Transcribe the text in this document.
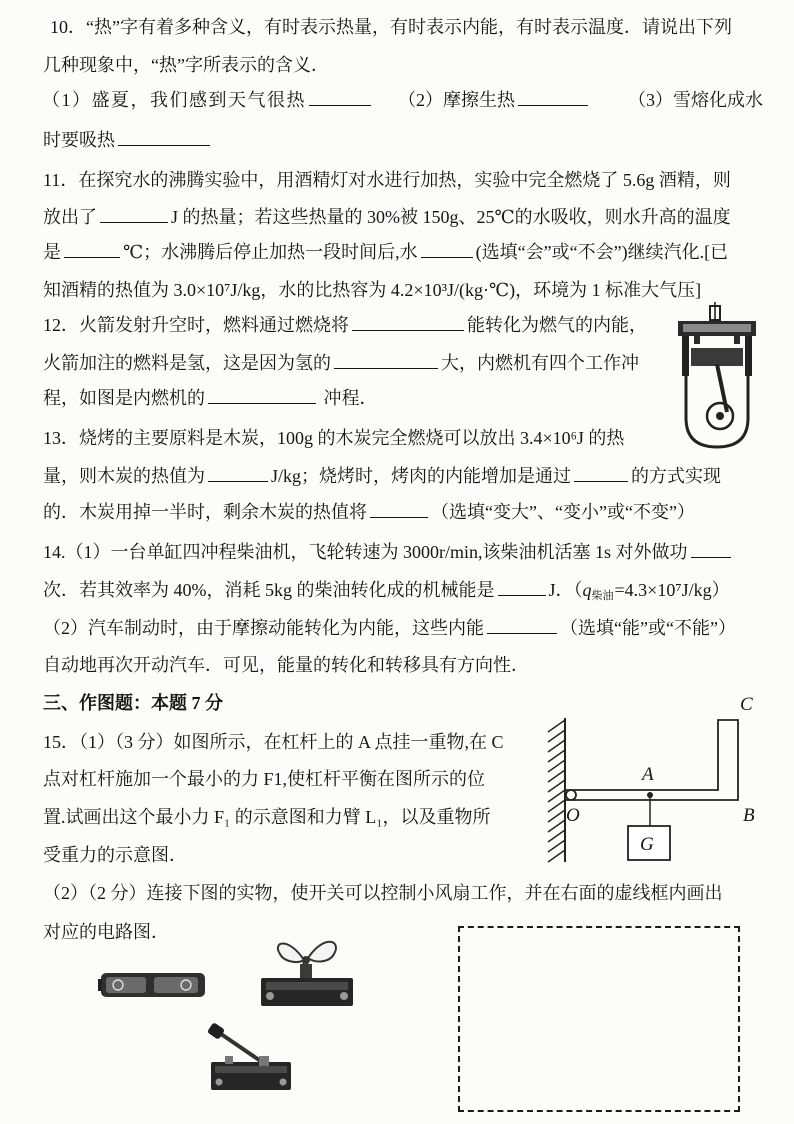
10．“热”字有着多种含义，有时表示热量，有时表示内能，有时表示温度．请说出下列
几种现象中，“热”字所表示的含义．
（1）盛夏，我们感到天气很热	（2）摩擦生热	（3）雪熔化成水
时要吸热
11．在探究水的沸腾实验中，用酒精灯对水进行加热，实验中完全燃烧了 5.6g 酒精，则
放出了	J 的热量；若这些热量的 30%被 150g、25℃的水吸收，则水升高的温度
是	℃；水沸腾后停止加热一段时间后,水	(选填“会”或“不会”)继续汽化.[已
知酒精的热值为 3.0×10⁷J/kg，水的比热容为 4.2×10³J/(kg·℃)，环境为 1 标准大气压]
12．火箭发射升空时，燃料通过燃烧将	能转化为燃气的内能，
火箭加注的燃料是氢，这是因为氢的	大，内燃机有四个工作冲
程，如图是内燃机的	冲程．
13．烧烤的主要原料是木炭，100g 的木炭完全燃烧可以放出 3.4×10⁶J 的热
量，则木炭的热值为	J/kg；烧烤时，烤肉的内能增加是通过	的方式实现
的．木炭用掉一半时，剩余木炭的热值将	（选填“变大”、“变小”或“不变”）
14.（1）一台单缸四冲程柴油机，飞轮转速为 3000r/min,该柴油机活塞 1s 对外做功
次．若其效率为 40%，消耗 5kg 的柴油转化成的机械能是	J．$(q_{柴油}=4.3\times 10^7J/kg)$
（2）汽车制动时，由于摩擦动能转化为内能，这些内能	（选填“能”或“不能”）
自动地再次开动汽车．可见，能量的转化和转移具有方向性．
三、作图题：本题 7 分
15．（1）（3 分）如图所示，在杠杆上的 A 点挂一重物,在 C
点对杠杆施加一个最小的力 F1,使杠杆平衡在图所示的位
置.试画出这个最小力 F₁ 的示意图和力臂 L₁，以及重物所
受重力的示意图．
（2）（2 分）连接下图的实物，使开关可以控制小风扇工作，并在右面的虚线框内画出
对应的电路图．
G
A
O	B
C
